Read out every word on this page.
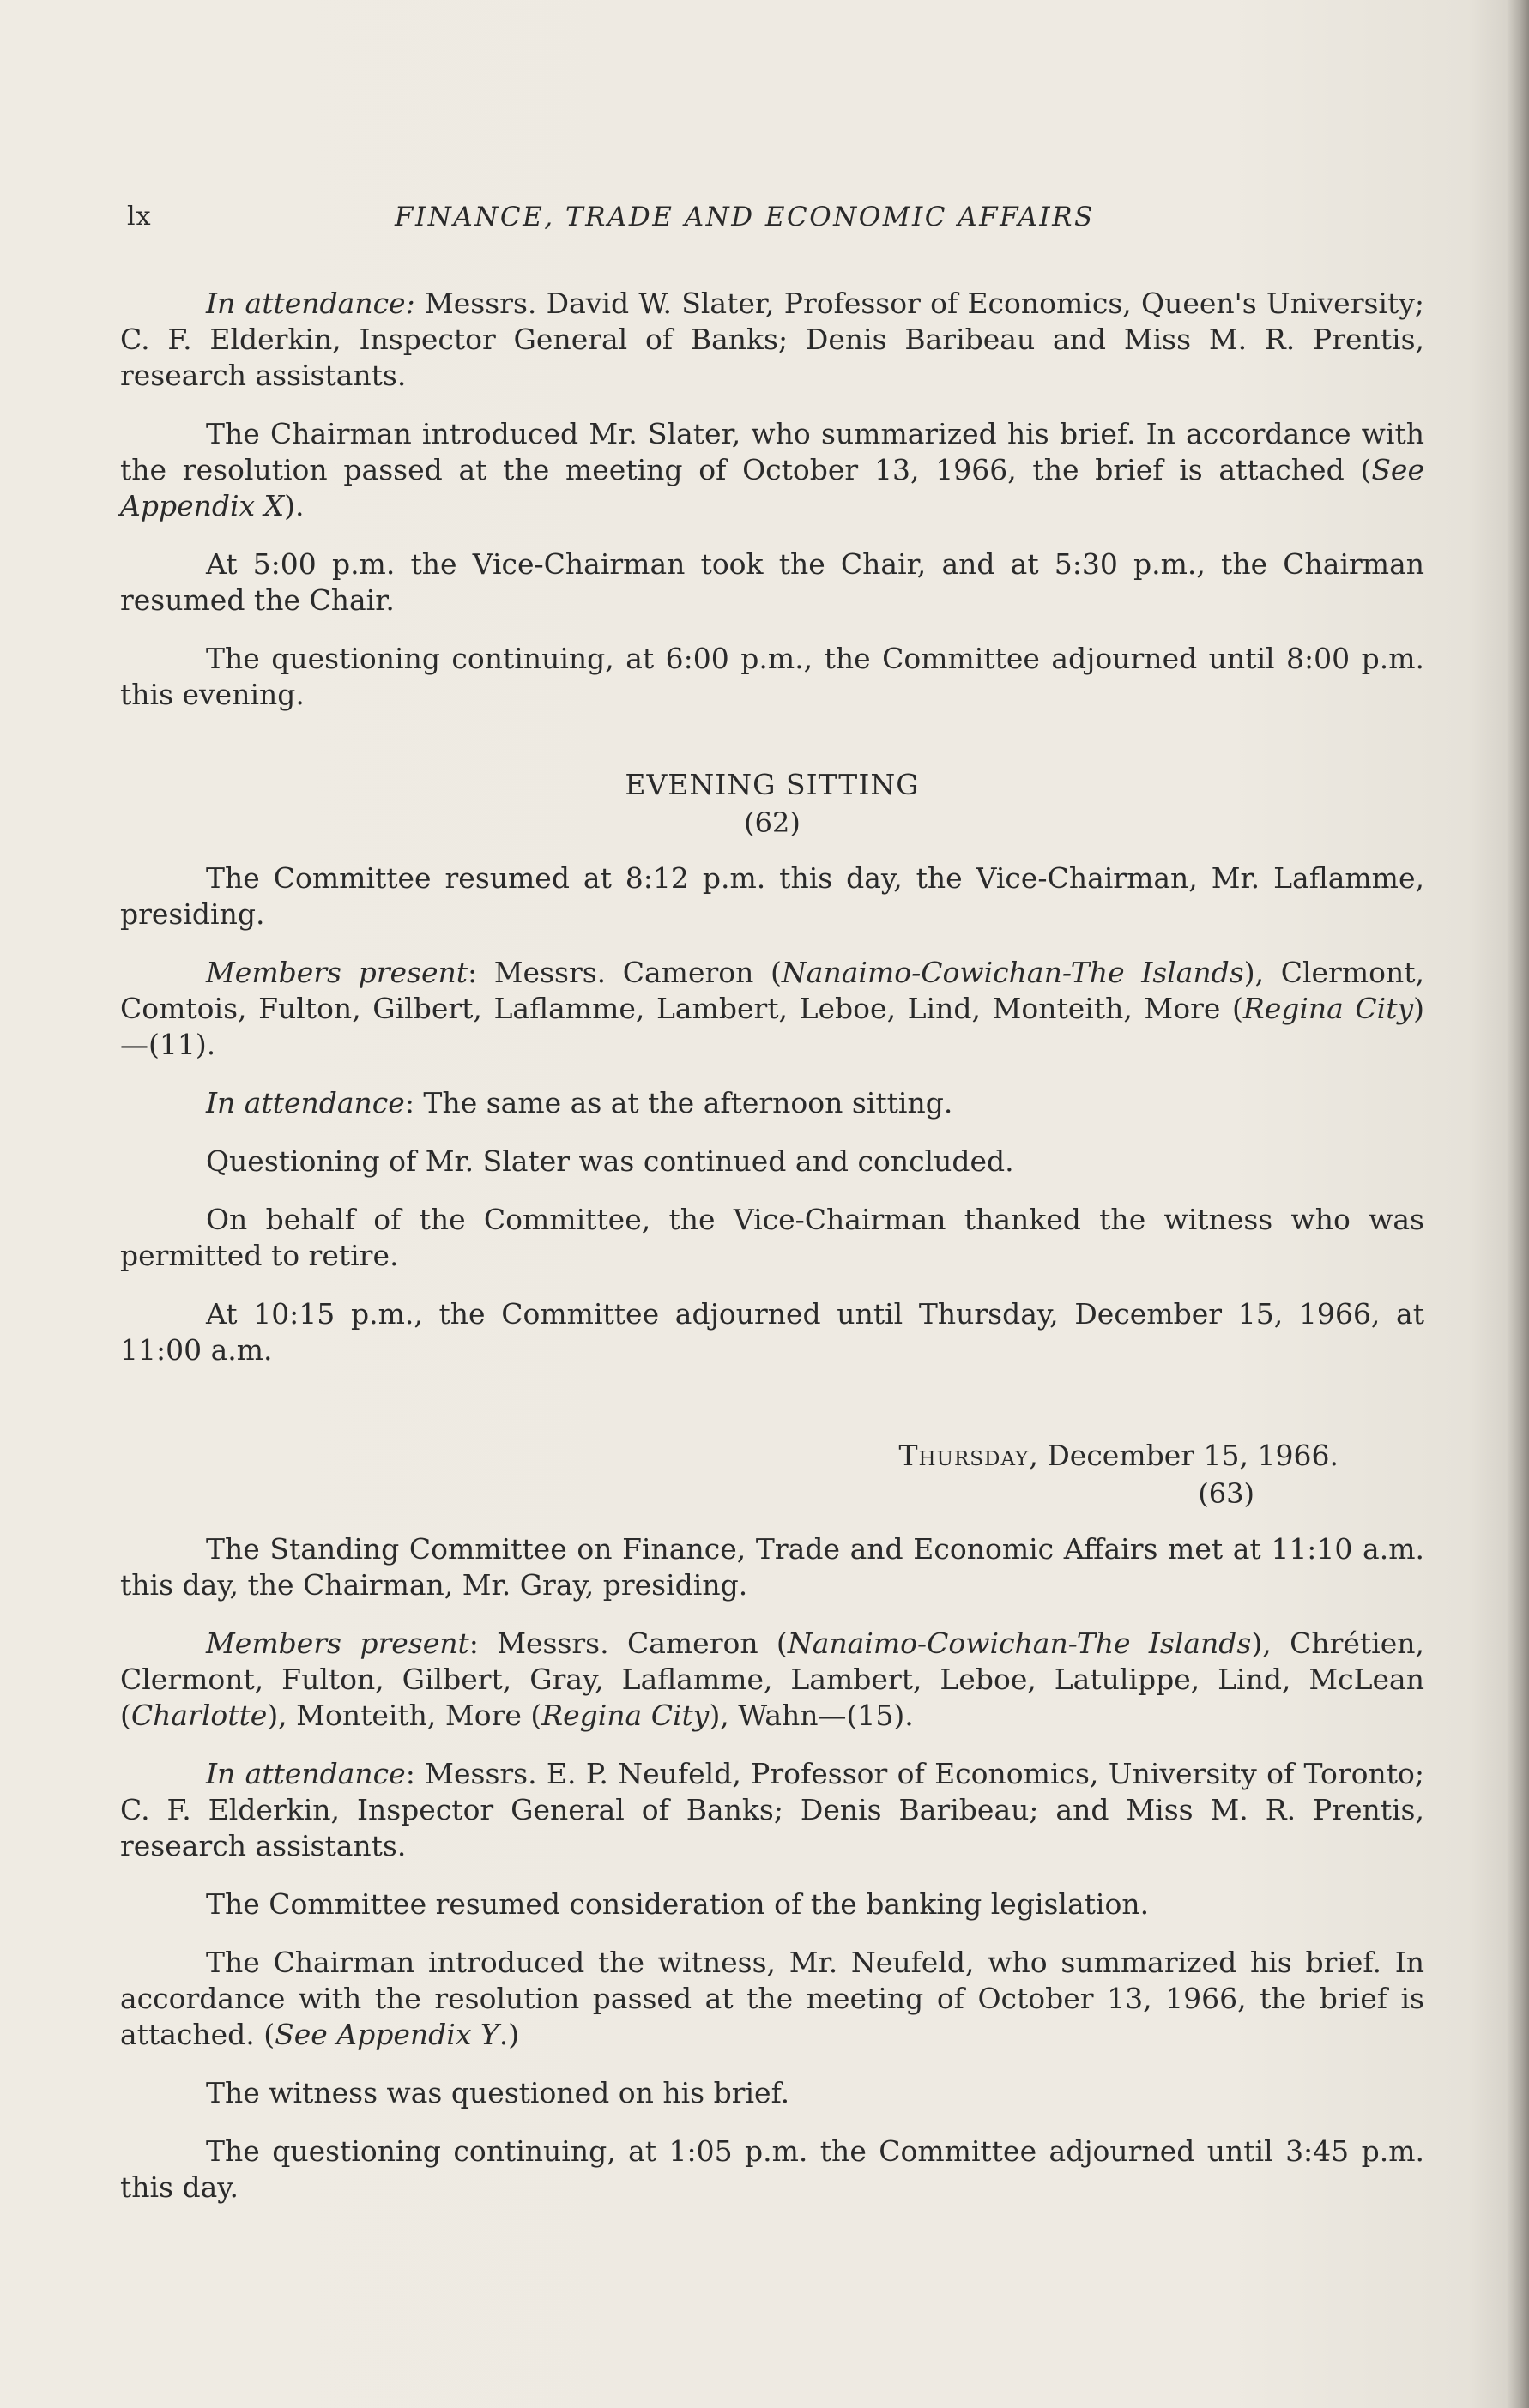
lx	FINANCE, TRADE AND ECONOMIC AFFAIRS

In attendance: Messrs. David W. Slater, Professor of Economics, Queen's University; C. F. Elderkin, Inspector General of Banks; Denis Baribeau and Miss M. R. Prentis, research assistants.

The Chairman introduced Mr. Slater, who summarized his brief. In accordance with the resolution passed at the meeting of October 13, 1966, the brief is attached (See Appendix X).

At 5:00 p.m. the Vice-Chairman took the Chair, and at 5:30 p.m., the Chairman resumed the Chair.

The questioning continuing, at 6:00 p.m., the Committee adjourned until 8:00 p.m. this evening.

EVENING SITTING
(62)

The Committee resumed at 8:12 p.m. this day, the Vice-Chairman, Mr. Laflamme, presiding.

Members present: Messrs. Cameron (Nanaimo-Cowichan-The Islands), Clermont, Comtois, Fulton, Gilbert, Laflamme, Lambert, Leboe, Lind, Monteith, More (Regina City)—(11).

In attendance: The same as at the afternoon sitting.

Questioning of Mr. Slater was continued and concluded.

On behalf of the Committee, the Vice-Chairman thanked the witness who was permitted to retire.

At 10:15 p.m., the Committee adjourned until Thursday, December 15, 1966, at 11:00 a.m.

Thursday, December 15, 1966.
(63)

The Standing Committee on Finance, Trade and Economic Affairs met at 11:10 a.m. this day, the Chairman, Mr. Gray, presiding.

Members present: Messrs. Cameron (Nanaimo-Cowichan-The Islands), Chrétien, Clermont, Fulton, Gilbert, Gray, Laflamme, Lambert, Leboe, Latulippe, Lind, McLean (Charlotte), Monteith, More (Regina City), Wahn—(15).

In attendance: Messrs. E. P. Neufeld, Professor of Economics, University of Toronto; C. F. Elderkin, Inspector General of Banks; Denis Baribeau; and Miss M. R. Prentis, research assistants.

The Committee resumed consideration of the banking legislation.

The Chairman introduced the witness, Mr. Neufeld, who summarized his brief. In accordance with the resolution passed at the meeting of October 13, 1966, the brief is attached. (See Appendix Y.)

The witness was questioned on his brief.

The questioning continuing, at 1:05 p.m. the Committee adjourned until 3:45 p.m. this day.
